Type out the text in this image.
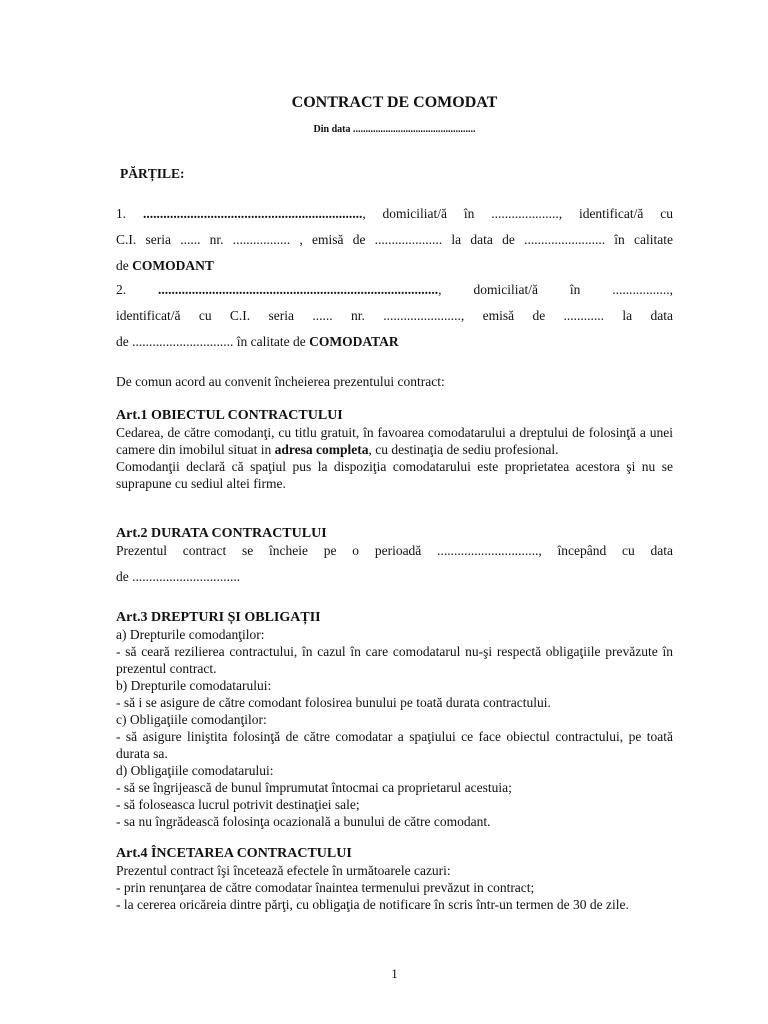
CONTRACT DE COMODAT
Din data .................................................
PĂRȚILE:
1. ................................................................., domiciliat/ă în ...................., identificat/ă cu
C.I. seria ...... nr. ................. , emisă de .................... la data de ........................ în calitate
de COMODANT
2. ..................................................................................., domiciliat/ă în .................,
identificat/ă cu C.I. seria ...... nr. ......................., emisă de ............ la data
de .............................. în calitate de COMODATAR

De comun acord au convenit încheierea prezentului contract:

Art.1 OBIECTUL CONTRACTULUI

Cedarea, de către comodanţi, cu titlu gratuit, în favoarea comodatarului a dreptului de folosinţă a unei camere din imobilul situat in adresa completa, cu destinaţia de sediu profesional.

Comodanţii declară că spaţiul pus la dispoziţia comodatarului este proprietatea acestora şi nu se suprapune cu sediul altei firme.

Art.2 DURATA CONTRACTULUI

Prezentul contract se încheie pe o perioadă .............................., începând cu data

de ................................

Art.3 DREPTURI ȘI OBLIGAȚII

a) Drepturile comodanţilor:

- să ceară rezilierea contractului, în cazul în care comodatarul nu-şi respectă obligaţiile prevăzute în prezentul contract.

b) Drepturile comodatarului:

- să i se asigure de către comodant folosirea bunului pe toată durata contractului.

c) Obligaţiile comodanţilor:

- să asigure liniştita folosinţă de către comodatar a spaţiului ce face obiectul contractului, pe toată durata sa.

d) Obligaţiile comodatarului:

- să se îngrijească de bunul împrumutat întocmai ca proprietarul acestuia;

- să foloseasca lucrul potrivit destinaţiei sale;

- sa nu îngrădească folosinţa ocazională a bunului de către comodant.

Art.4 ÎNCETAREA CONTRACTULUI

Prezentul contract îşi încetează efectele în următoarele cazuri:

- prin renunţarea de către comodatar înaintea termenului prevăzut in contract;

- la cererea oricăreia dintre părţi, cu obligaţia de notificare în scris într-un termen de 30 de zile.

1
